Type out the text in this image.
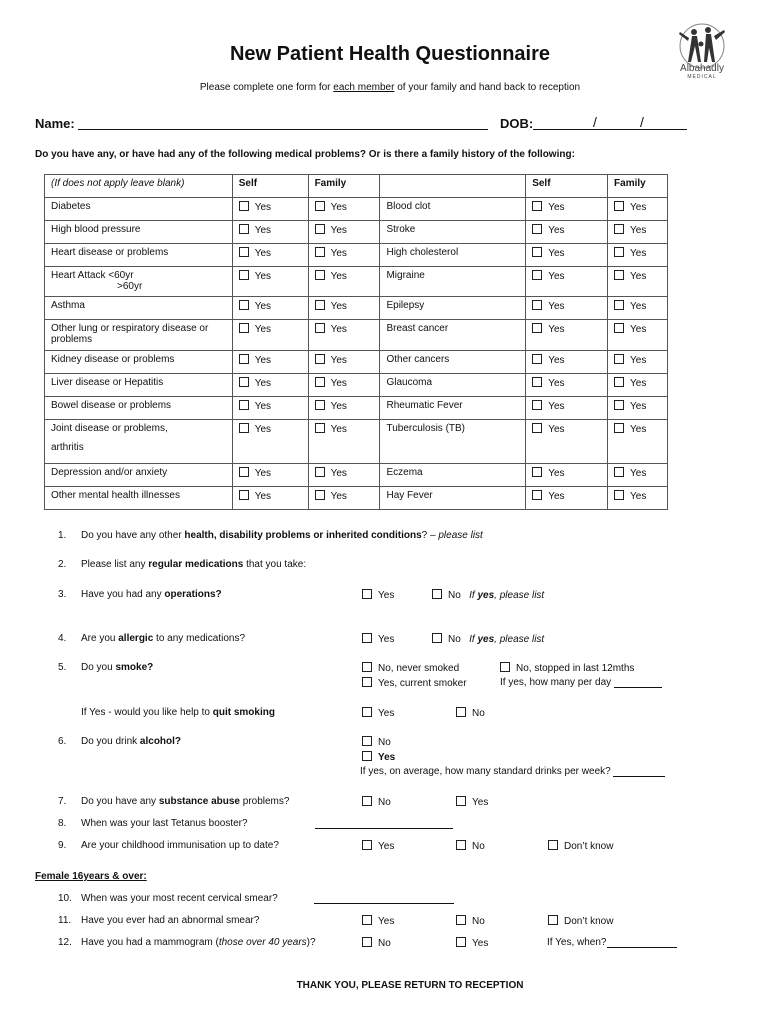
New Patient Health Questionnaire
Please complete one form for each member of your family and hand back to reception
Albahadly
MEDICAL
Name:	DOB:	/	/
Do you have any, or have had any of the following medical problems? Or is there a family history of the following:
(If does not apply leave blank)	Self	Family		Self	Family
Diabetes	Yes	Yes	Blood clot	Yes	Yes
High blood pressure	Yes	Yes	Stroke	Yes	Yes
Heart disease or problems	Yes	Yes	High cholesterol	Yes	Yes
Heart Attack <60yr
>60yr	Yes	Yes	Migraine	Yes	Yes
Asthma	Yes	Yes	Epilepsy	Yes	Yes
Other lung or respiratory disease or problems	Yes	Yes	Breast cancer	Yes	Yes
Kidney disease or problems	Yes	Yes	Other cancers	Yes	Yes
Liver disease or Hepatitis	Yes	Yes	Glaucoma	Yes	Yes
Bowel disease or problems	Yes	Yes	Rheumatic Fever	Yes	Yes
Joint disease or problems,
arthritis	Yes	Yes	Tuberculosis (TB)	Yes	Yes
Depression and/or anxiety	Yes	Yes	Eczema	Yes	Yes
Other mental health illnesses	Yes	Yes	Hay Fever	Yes	Yes
1. Do you have any other health, disability problems or inherited conditions? – please list
2. Please list any regular medications that you take:
3. Have you had any operations?	Yes	No If yes, please list
4. Are you allergic to any medications?	Yes	No If yes, please list
5. Do you smoke?	No, never smoked	No, stopped in last 12mths
Yes, current smoker	If yes, how many per day
If Yes - would you like help to quit smoking	Yes	No
6. Do you drink alcohol?	No
Yes
If yes, on average, how many standard drinks per week?
7. Do you have any substance abuse problems?	No	Yes
8. When was your last Tetanus booster?
9. Are your childhood immunisation up to date?	Yes	No	Don’t know
Female 16years & over:
10. When was your most recent cervical smear?
11. Have you ever had an abnormal smear?	Yes	No	Don’t know
12. Have you had a mammogram (those over 40 years)?	No	Yes	If Yes, when?
THANK YOU, PLEASE RETURN TO RECEPTION
